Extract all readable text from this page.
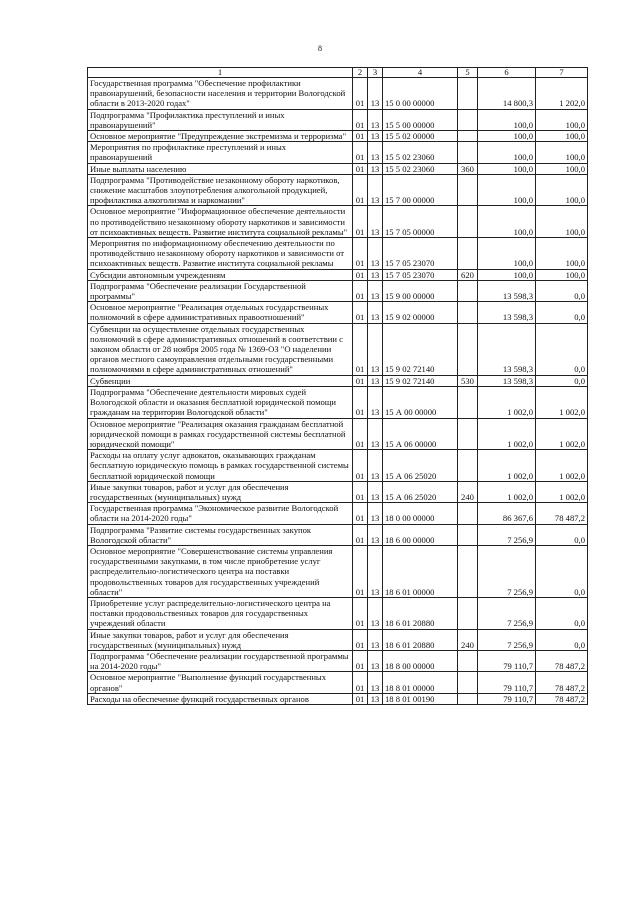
8
1	2	3	4	5	6	7
Государственная программа "Обеспечение профилактики правонарушений, безопасности населения и территории Вологодской области в 2013-2020 годах"	01	13	15 0 00 00000		14 800,3	1 202,0
Подпрограмма "Профилактика преступлений и иных правонарушений"	01	13	15 5 00 00000		100,0	100,0
Основное мероприятие "Предупреждение экстремизма и терроризма"	01	13	15 5 02 00000		100,0	100,0
Мероприятия по профилактике преступлений и иных правонарушений	01	13	15 5 02 23060		100,0	100,0
Иные выплаты населению	01	13	15 5 02 23060	360	100,0	100,0
Подпрограмма "Противодействие незаконному обороту наркотиков, снижение масштабов злоупотребления алкогольной продукцией, профилактика алкоголизма и наркомании"	01	13	15 7 00 00000		100,0	100,0
Основное мероприятие "Информационное обеспечение деятельности по противодействию незаконному обороту наркотиков и зависимости от психоактивных веществ. Развитие института социальной рекламы"	01	13	15 7 05 00000		100,0	100,0
Мероприятия по информационному обеспечению деятельности по противодействию незаконному обороту наркотиков и зависимости от психоактивных веществ. Развитие института социальной рекламы	01	13	15 7 05 23070		100,0	100,0
Субсидии автономным учреждениям	01	13	15 7 05 23070	620	100,0	100,0
Подпрограмма "Обеспечение реализации Государственной программы"	01	13	15 9 00 00000		13 598,3	0,0
Основное мероприятие "Реализация отдельных государственных полномочий в сфере административных правоотношений"	01	13	15 9 02 00000		13 598,3	0,0
Субвенции на осуществление отдельных государственных полномочий в сфере административных отношений в соответствии с законом области от 28 ноября 2005 года № 1369-ОЗ "О наделении органов местного самоуправления отдельными государственными полномочиями в сфере административных отношений"	01	13	15 9 02 72140		13 598,3	0,0
Субвенции	01	13	15 9 02 72140	530	13 598,3	0,0
Подпрограмма "Обеспечение деятельности мировых судей Вологодской области и оказания бесплатной юридической помощи гражданам на территории Вологодской области"	01	13	15 А 00 00000		1 002,0	1 002,0
Основное мероприятие "Реализация оказания гражданам бесплатной юридической помощи в рамках государственной системы бесплатной юридической помощи"	01	13	15 А 06 00000		1 002,0	1 002,0
Расходы на оплату услуг адвокатов, оказывающих гражданам бесплатную юридическую помощь в рамках государственной системы бесплатной юридической помощи	01	13	15 А 06 25020		1 002,0	1 002,0
Иные закупки товаров, работ и услуг для обеспечения государственных (муниципальных) нужд	01	13	15 А 06 25020	240	1 002,0	1 002,0
Государственная программа "Экономическое развитие Вологодской области на 2014-2020 годы"	01	13	18 0 00 00000		86 367,6	78 487,2
Подпрограмма "Развитие системы государственных закупок Вологодской области"	01	13	18 6 00 00000		7 256,9	0,0
Основное мероприятие "Совершенствование системы управления государственными закупками, в том числе приобретение услуг распределительно-логистического центра на поставки продовольственных товаров для государственных учреждений области"	01	13	18 6 01 00000		7 256,9	0,0
Приобретение услуг распределительно-логистического центра на поставки продовольственных товаров для государственных учреждений области	01	13	18 6 01 20880		7 256,9	0,0
Иные закупки товаров, работ и услуг для обеспечения государственных (муниципальных) нужд	01	13	18 6 01 20880	240	7 256,9	0,0
Подпрограмма "Обеспечение реализации государственной программы на 2014-2020 годы"	01	13	18 8 00 00000		79 110,7	78 487,2
Основное мероприятие "Выполнение функций государственных органов"	01	13	18 8 01 00000		79 110,7	78 487,2
Расходы на обеспечение функций государственных органов	01	13	18 8 01 00190		79 110,7	78 487,2
